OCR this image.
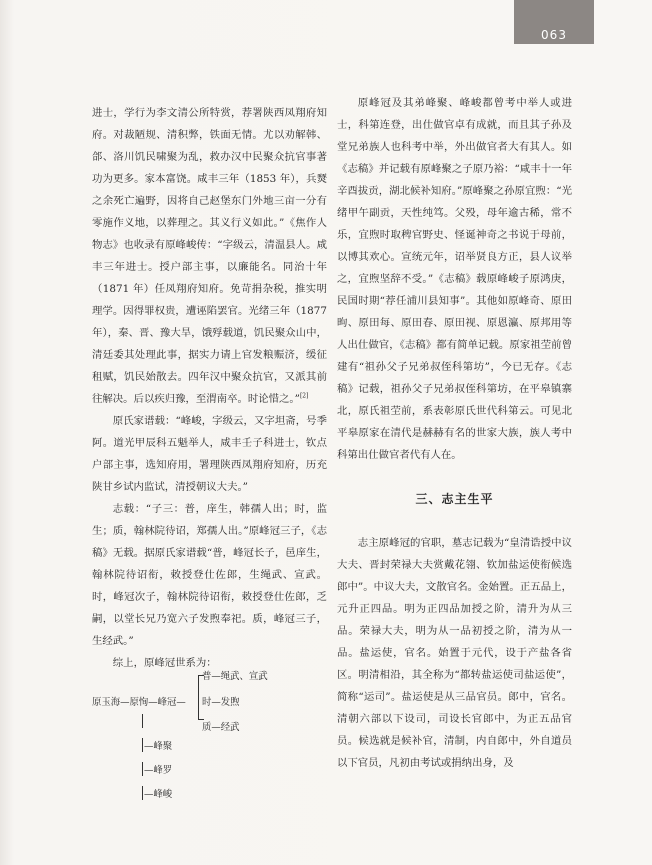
063

进士，学行为李文清公所特赏，荐署陕西凤翔府知府。对裁陋规、清积弊，铁面无情。尤以劝解韩、郃、洛川饥民啸聚为乱，救办汉中民聚众抗官事著功为更多。家本富饶。咸丰三年（1853 年），兵燹之余死亡遍野，因将自己赵堡东门外地三亩一分有零施作义地，以葬理之。其义行义如此。”《焦作人物志》也收录有原峰峻传：“字级云，清温县人。咸丰三年进士。授户部主事，以廉能名。同治十年（1871 年）任凤翔府知府。免苛捐杂税，推实明理学。因得罪权贵，遭诬陷罢官。光绪三年（1877 年），秦、晋、豫大旱，饿殍载道，饥民聚众山中，清廷委其处理此事，据实力请上官发粮赈济，缓征租赋，饥民始散去。四年汉中聚众抗官，又派其前往解决。后以疾归豫，至渭南卒。时论惜之。”[2]

原氏家谱载：“峰峻，字级云，又字坦斋，号季阿。道光甲辰科五魁举人，咸丰壬子科进士，钦点户部主事，选知府用，署理陕西凤翔府知府，历充陕甘乡试内监试，清授朝议大夫。”

志载：“子三：普，庠生，韩孺人出；时，监生；质，翰林院待诏，郑孺人出。”原峰冠三子，《志稿》无载。据原氏家谱载“普，峰冠长子，邑庠生，翰林院待诏衔，敕授登仕佐郎，生绳武、宣武。时，峰冠次子，翰林院待诏衔，敕授登仕佐郎，乏嗣，以堂长兄乃宽六子发煦奉祀。质，峰冠三子，生经武。”

综上，原峰冠世系为：

原玉海—原恂—峰冠—
普—绳武、宣武
时—发煦
质—经武
—峰聚
—峰罗
—峰峻

原峰冠及其弟峰聚、峰峻都曾考中举人或进士，科第连登，出仕做官卓有成就，而且其子孙及堂兄弟族人也科考中举，外出做官者大有其人。如《志稿》并记载有原峰聚之子原乃裕：“咸丰十一年辛酉拔贡，湖北候补知府。”原峰聚之孙原宜煦：“光绪甲午副贡，天性纯笃。父殁，母年逾古稀，常不乐，宜煦时取稗官野史、怪诞神奇之书说于母前，以博其欢心。宣统元年，诏举贤良方正，县人议举之，宜煦坚辞不受。”《志稿》载原峰峻子原鸿庚，民国时期“荐任浦川县知事”。其他如原峰奇、原田昫、原田每、原田春、原田视、原恩瀛、原邦用等人出仕做官，《志稿》都有简单记载。原家祖茔前曾建有“祖孙父子兄弟叔侄科第坊”，今已无存。《志稿》记载，祖孙父子兄弟叔侄科第坊，在平皋镇寨北，原氏祖茔前，系表彰原氏世代科第云。可见北平皋原家在清代是赫赫有名的世家大族，族人考中科第出仕做官者代有人在。

三、志主生平

志主原峰冠的官职，墓志记载为“皇清诰授中议大夫、晋封荣禄大夫赏戴花翎、钦加盐运使衔候选郎中”。中议大夫，文散官名。金始置。正五品上，元升正四品。明为正四品加授之阶，清升为从三品。荣禄大夫，明为从一品初授之阶，清为从一品。盐运使，官名。始置于元代，设于产盐各省区。明清相沿，其全称为“都转盐运使司盐运使”，简称“运司”。盐运使是从三品官员。郎中，官名。清朝六部以下设司，司设长官郎中，为正五品官员。候选就是候补官，清制，内自郎中，外自道员以下官员，凡初由考试或捐纳出身，及
